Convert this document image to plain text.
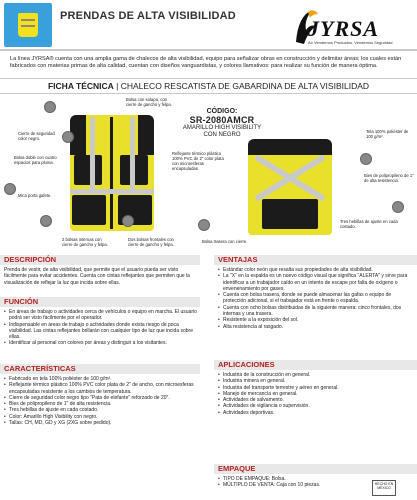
PRENDAS DE ALTA VISIBILIDAD	JYRSA
Ao Vendemos Productos. Vendemos Seguridad
La línea JYRSA® cuenta con una amplia gama de chalecos de alta visibilidad, equipo para señalizar obras en construcción y delimitar áreas; los cuales están fabricados con materias primas de alta calidad, cuentan con diseños vanguardistas, y colores llamativos: para realizar su función de manera óptima.
FICHA TÉCNICA | CHALECO RESCATISTA DE GABARDINA DE ALTA VISIBILIDAD
CÓDIGO:
SR-2080AMCR
AMARILLO HIGH VISIBILITY
CON NEGRO
Bolsa con solapa, con cierre de gancho y felpa.
Cierre de seguridad color negro.
Bolsa doble con cuatro espacios para pluma.
Mica porta gafete.
2 bolsas internas con cierre de gancho y felpa.
Dos bolsas frontales con cierre de gancho y felpa.
Reflejante térmico plástico 100% PVC de 2" color plata con microesferas encapsuladas.
Bolsa trasera con cierre.
Tela 100% poliéster de 100 g/m².
Bies de polipropileno de 1" de alta resistencia.
Tres hebillas de ajuste en cada costado.
DESCRIPCIÓN
Prenda de vestir, de alta visibilidad, que permite que el usuario pueda ser visto fácilmente para evitar accidentes. Cuenta con cintas reflejantes que permiten que la visualización de reflejar la luz que incida sobre ellas.
FUNCIÓN
• En áreas de trabajo o actividades cerca de vehículos o equipo en marcha. El usuario podrá ser visto fácilmente por el operador.
• Indispensable en áreas de trabajo o actividades donde exista riesgo de poca visibilidad. Las cintas reflejantes brillarán con cualquier tipo de luz que incida sobre ellas.
• Identificar al personal con colores por áreas y distinguir a los visitantes.
CARACTERÍSTICAS
• Fabricado en tela 100% poliéster de 100 g/m².
• Reflejante térmico plástico 100% PVC color plata de 2" de ancho, con microesferas encapsuladas resistente a los cambios de temperatura.
• Cierre de seguridad color negro tipo "Pata de elefante" reforzado de 20".
• Bies de polipropileno de 1" de alta resistencia.
• Tres hebillas de ajuste en cada costado.
• Color: Amarillo High Visibility con negro.
• Tallas: CH, MD, GD y XG (2XG sobre pedido).
VENTAJAS
• Estándar color neón que resalta sus propiedades de alta visibilidad.
• La "X" en la espalda es un nuevo código visual que significa "ALERTA" y sirve para identificar a un trabajador caído en un intento de escape por falta de oxígeno o envenenamiento por gases.
• Cuenta con bolsa trasera, donde se puede almacenar las gafas o equipo de protección adicional, si el trabajador está en frente o espalda.
• Cuenta con ocho bolsas distribuidas de la siguiente manera: cinco frontales, dos internas y una trasera.
• Resistente a la exposición del sol.
• Alta resistencia al rasgado.
APLICACIONES
• Industria de la construcción en general.
• Industria minera en general.
• Industria del transporte terrestre y aéreo en general.
• Manejo de mercancía en general.
• Actividades de salvamento.
• Actividades de vigilancia o supervisión.
• Actividades deportivas.
EMPAQUE
• TIPO DE EMPAQUE: Bolsa.
• MÚLTIPLO DE VENTA: Caja con 10 piezas.	HECHO EN
MÉXICO
